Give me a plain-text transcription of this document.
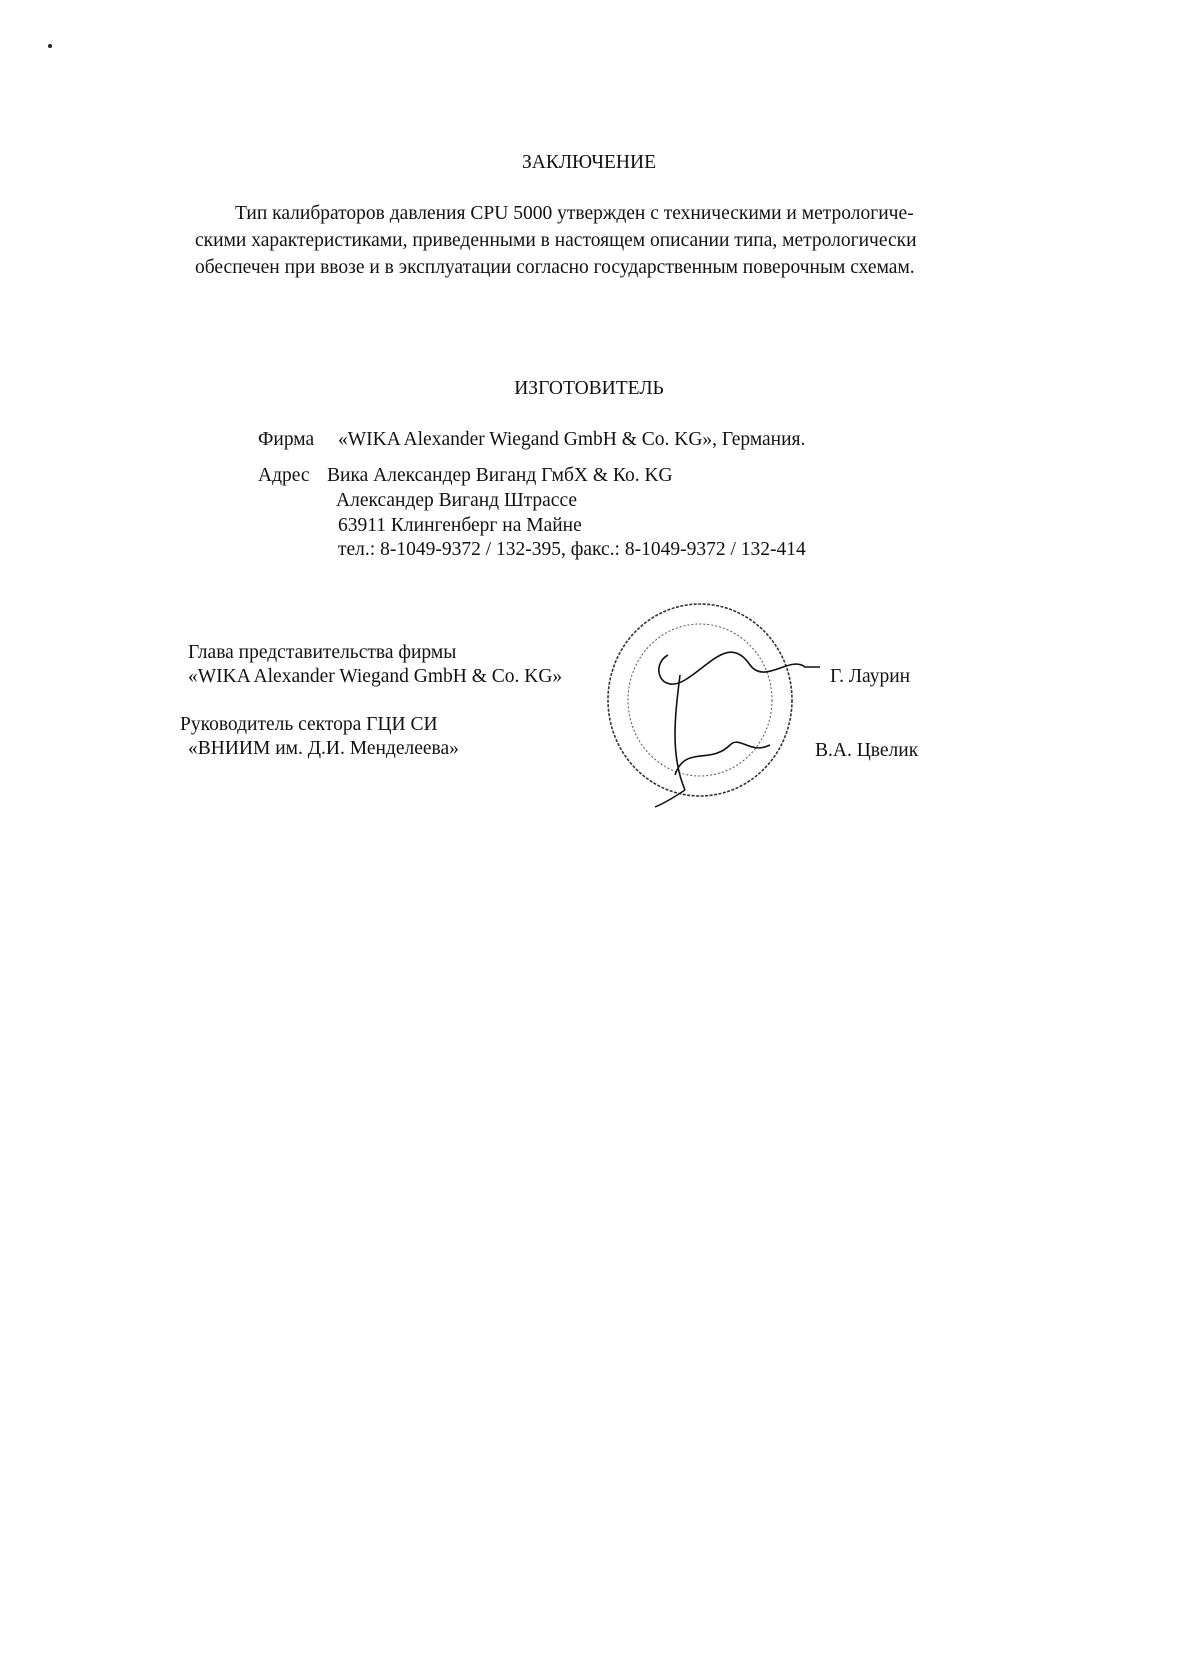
ЗАКЛЮЧЕНИЕ
Тип калибраторов давления CPU 5000 утвержден с техническими и метрологиче-
скими характеристиками, приведенными в настоящем описании типа, метрологически
обеспечен при ввозе и в эксплуатации согласно государственным поверочным схемам.
ИЗГОТОВИТЕЛЬ
Фирма «WIKA Alexander Wiegand GmbH & Co. KG», Германия.
Адрес Вика Александер Виганд ГмбХ & Ко. KG
Александер Виганд Штрассе
63911 Клингенберг на Майне
тел.: 8-1049-9372 / 132-395, факс.: 8-1049-9372 / 132-414
Глава представительства фирмы
«WIKA Alexander Wiegand GmbH & Co. KG»	Г. Лаурин
Руководитель сектора ГЦИ СИ
«ВНИИМ им. Д.И. Менделеева»	В.А. Цвелик
